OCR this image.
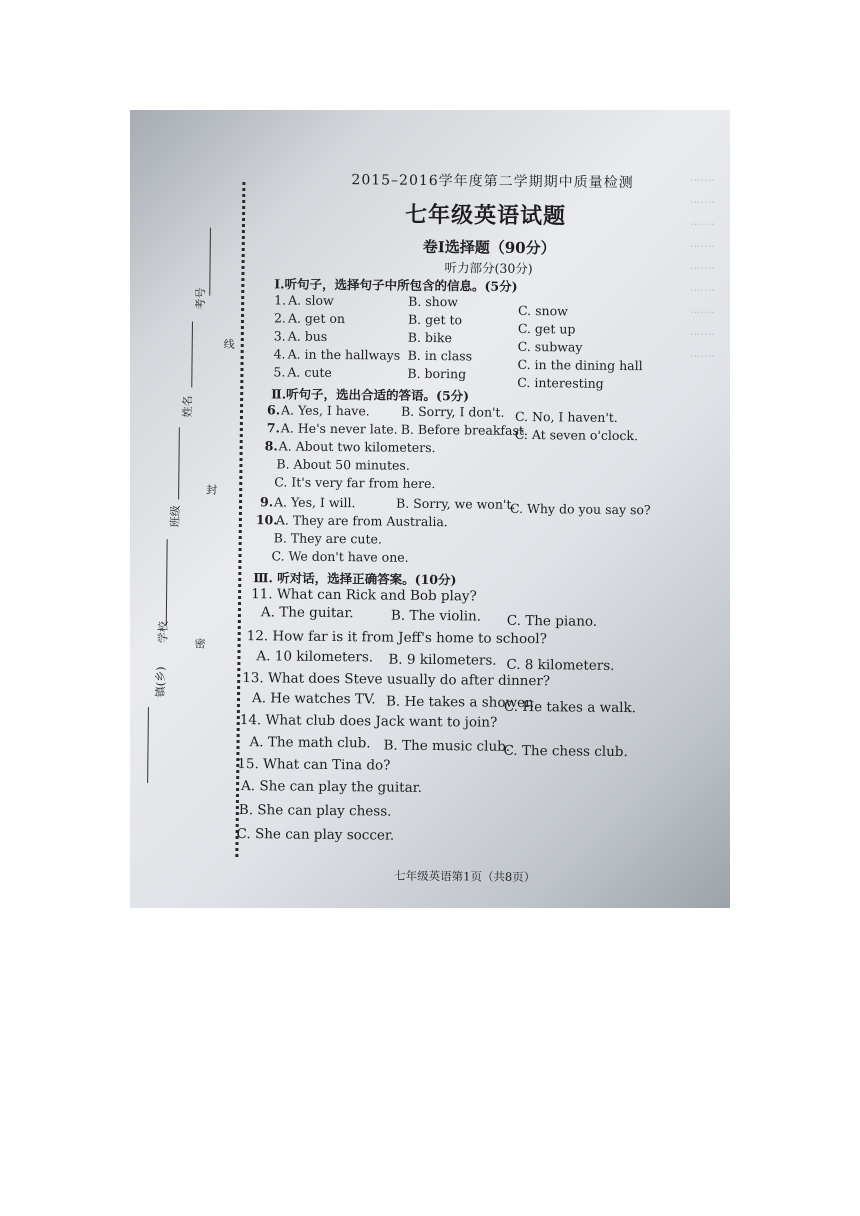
·······
·······
·······
·······
·······
·······
·······
·······
·······
线
封
密
考号
姓名
班级
学校
镇(乡)
2015–2016学年度第二学期期中质量检测
七年级英语试题
卷Ⅰ选择题（90分）
听力部分(30分)
Ⅰ.听句子，选择句子中所包含的信息。(5分)
1. A. slow	B. show
C. snow
2. A. get on	B. get to
C. get up
3. A. bus	B. bike
C. subway
4. A. in the hallways B. in class
C. in the dining hall
5. A. cute	B. boring
C. interesting
Ⅱ.听句子，选出合适的答语。(5分)
6. A. Yes, I have. B. Sorry, I don't. C. No, I haven't.
7. A. He's never late. B. Before breakfast.
C. At seven o'clock.
8. A. About two kilometers.
B. About 50 minutes.
C. It's very far from here.
9. A. Yes, I will.	B. Sorry, we won't.
C. Why do you say so?
10.
A. They are from Australia.
B. They are cute.
C. We don't have one.
Ⅲ. 听对话，选择正确答案。(10分)
11. What can Rick and Bob play?
A. The guitar.	B. The violin. C. The piano.
12. How far is it from Jeff's home to school?
A. 10 kilometers. B. 9 kilometers. C. 8 kilometers.
13. What does Steve usually do after dinner?
A. He watches TV. B. He takes a shower.
C. He takes a walk.
14. What club does Jack want to join?
A. The math club. B. The music club.
C. The chess club.
15. What can Tina do?
A. She can play the guitar.
B. She can play chess.
C. She can play soccer.
七年级英语第1页（共8页）
